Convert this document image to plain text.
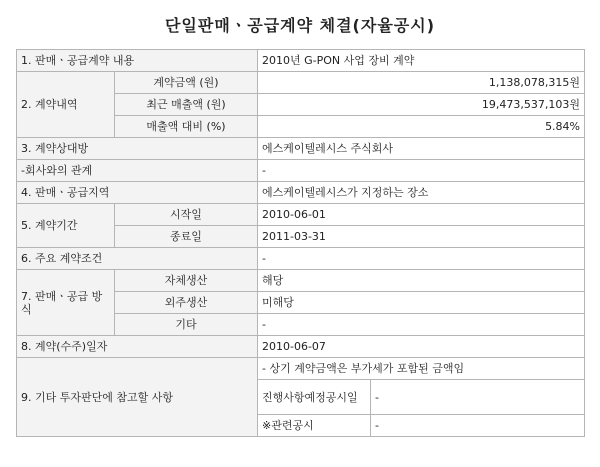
단일판매ㆍ공급계약 체결(자율공시)
1. 판매ㆍ공급계약 내용		2010년 G-PON 사업 장비 계약	
2. 계약내역	계약금액 (원)	1,138,078,315원	
	최근 매출액 (원)	19,473,537,103원	
	매출액 대비 (%)	5.84%	
3. 계약상대방		에스케이텔레시스 주식회사	
-회사와의 관계		-	
4. 판매ㆍ공급지역		에스케이텔레시스가 지정하는 장소	
5. 계약기간	시작일	2010-06-01	
	종료일	2011-03-31	
6. 주요 계약조건		-	
7. 판매ㆍ공급 방식	자체생산	해당	
	외주생산	미해당	
	기타	-	
8. 계약(수주)일자		2010-06-07	
9. 기타 투자판단에 참고할 사항		- 상기 계약금액은 부가세가 포함된 금액임	
		진행사항예정공시일	-
		※관련공시	-
